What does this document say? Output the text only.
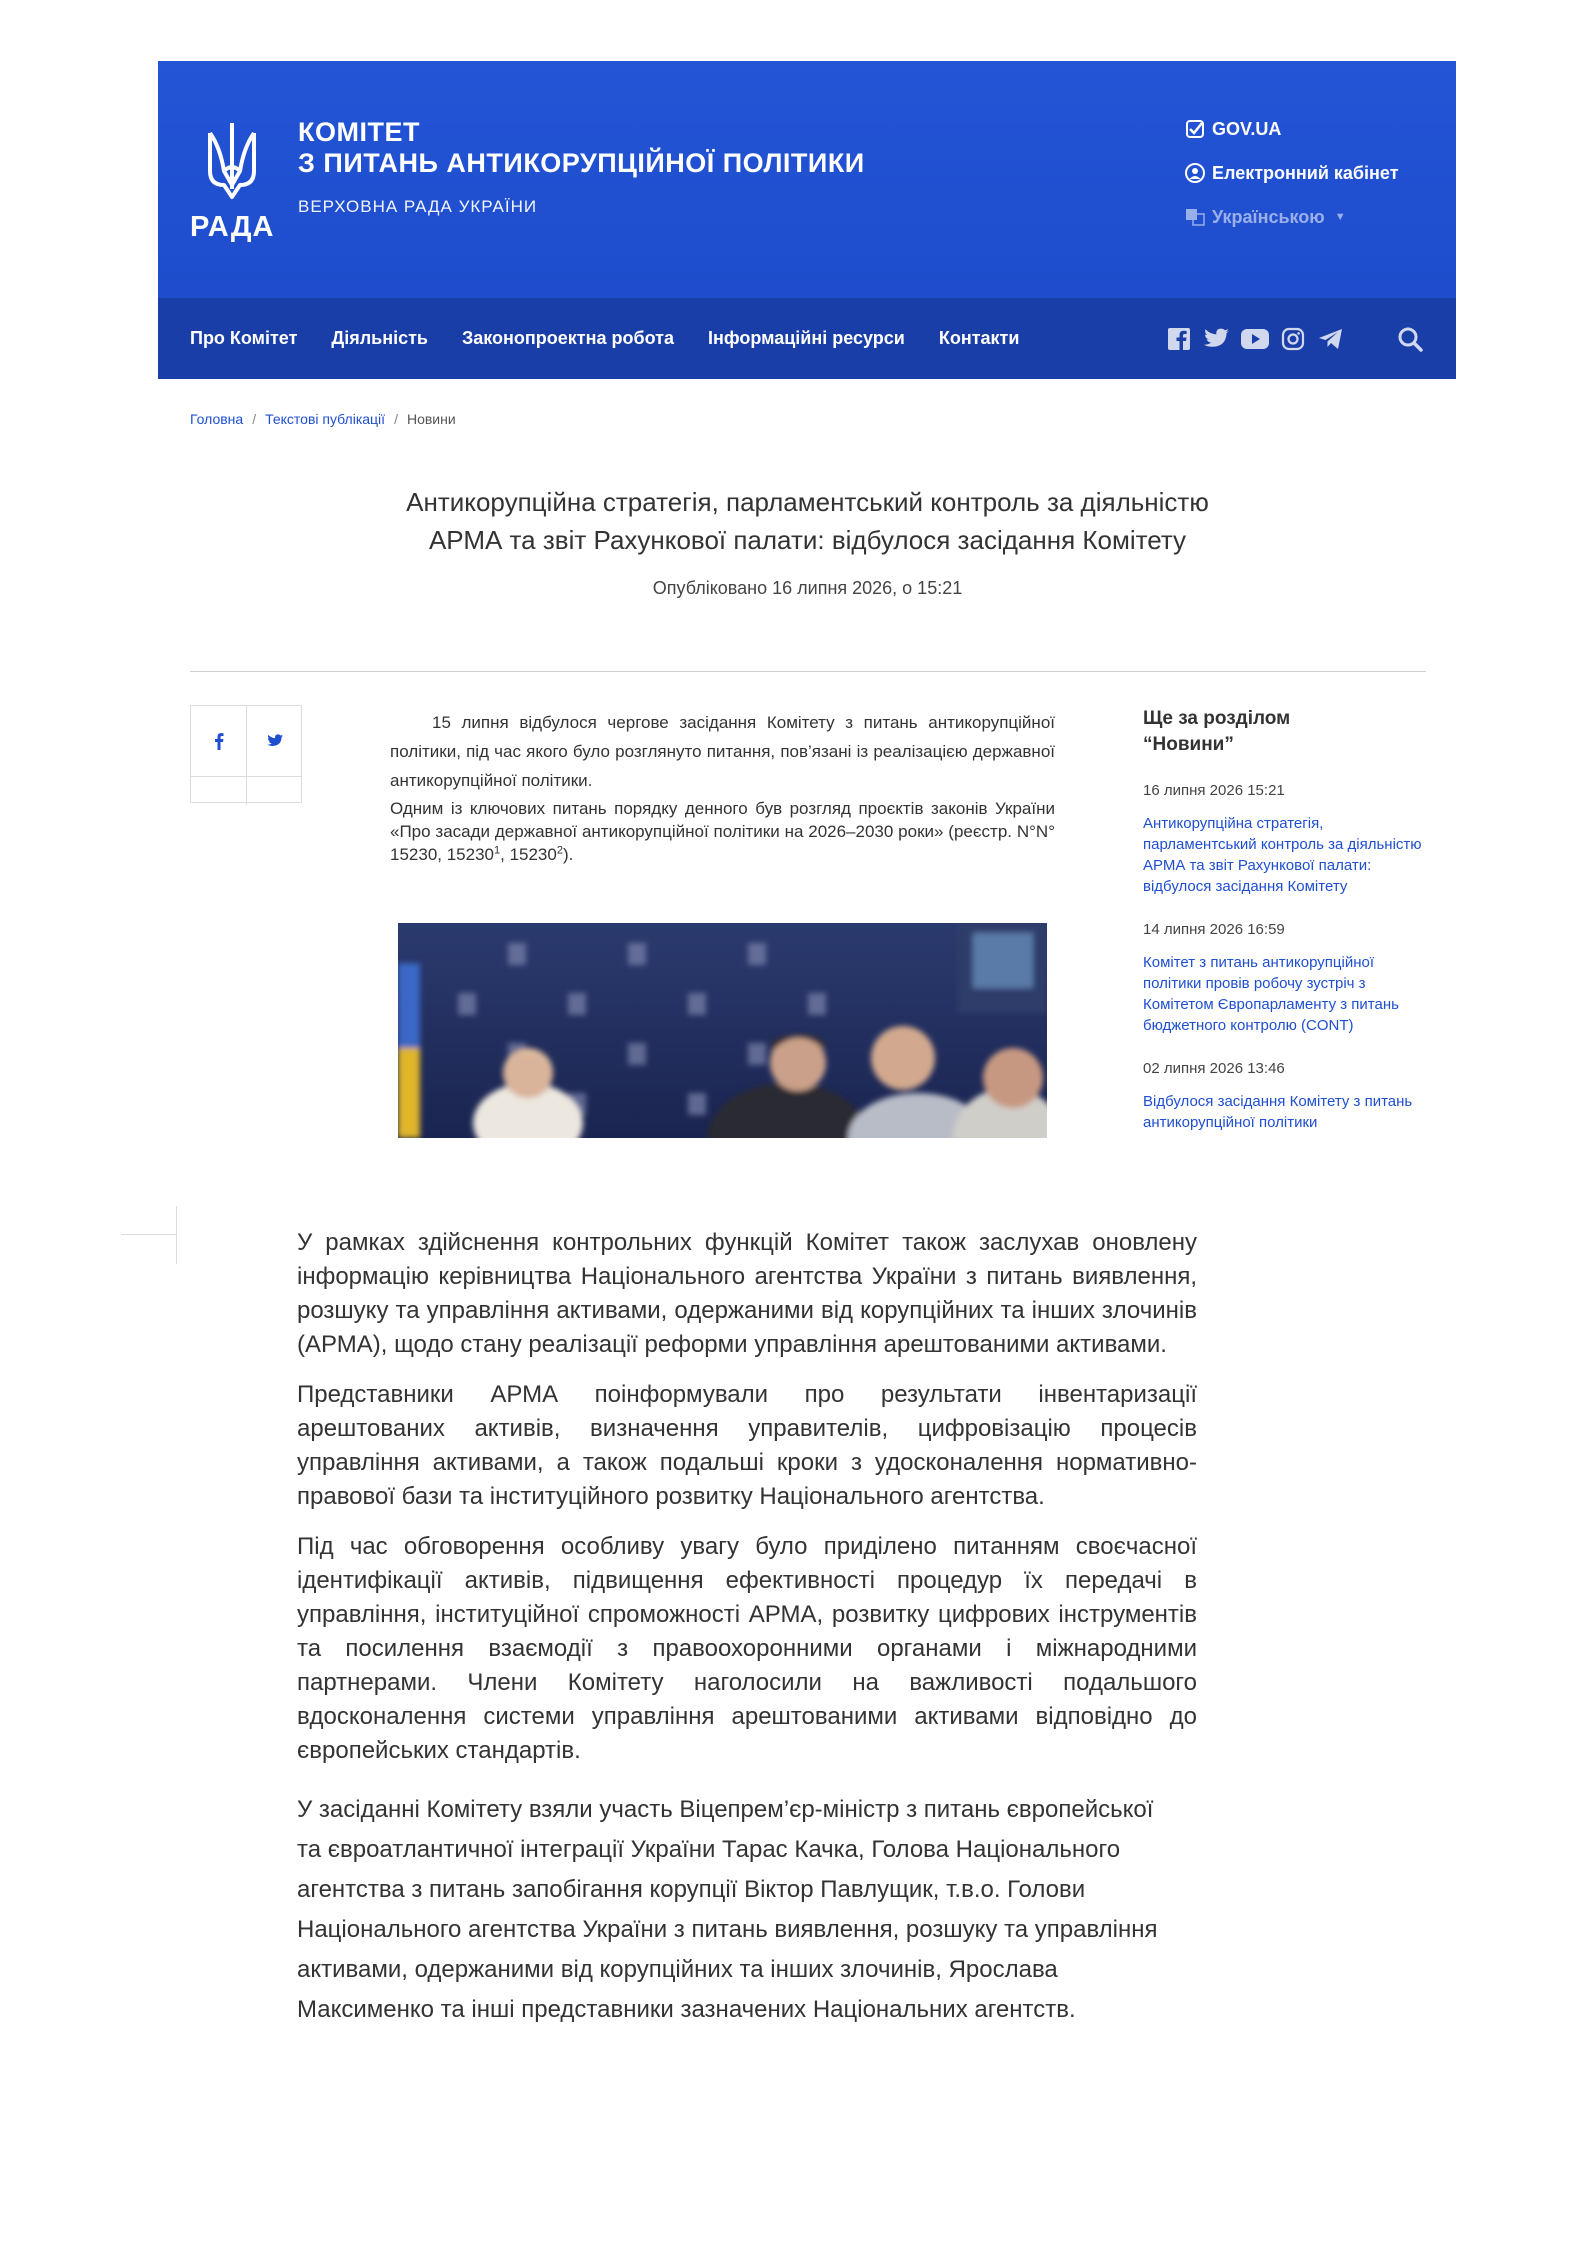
РАДА
КОМІТЕТ
З ПИТАНЬ АНТИКОРУПЦІЙНОЇ ПОЛІТИКИ
ВЕРХОВНА РАДА УКРАЇНИ
GOV.UA
Електронний кабінет
Українською ▼
Про Комітет Діяльність Законопроектна робота Інформаційні ресурси Контакти
Головна / Текстові публікації / Новини
Антикорупційна стратегія, парламентський контроль за діяльністю
АРМА та звіт Рахункової палати: відбулося засідання Комітету
Опубліковано 16 липня 2026, о 15:21

15 липня відбулося чергове засідання Комітету з питань антикорупційної політики, під час якого було розглянуто питання, пов’язані із реалізацією державної антикорупційної політики.

Одним із ключових питань порядку денного був розгляд проєктів законів України «Про засади державної антикорупційної політики на 2026–2030 роки» (реєстр. N°N° 15230, 15230$^1$, 15230$^2$).

Ще за розділом
“Новини”
16 липня 2026 15:21
Антикорупційна стратегія, парламентський контроль за діяльністю АРМА та звіт Рахункової палати: відбулося засідання Комітету
14 липня 2026 16:59
Комітет з питань антикорупційної політики провів робочу зустріч з Комітетом Європарламенту з питань бюджетного контролю (CONT)
02 липня 2026 13:46
Відбулося засідання Комітету з питань антикорупційної політики

У рамках здійснення контрольних функцій Комітет також заслухав оновлену інформацію керівництва Національного агентства України з питань виявлення, розшуку та управління активами, одержаними від корупційних та інших злочинів (АРМА), щодо стану реалізації реформи управління арештованими активами.

Представники АРМА поінформували про результати інвентаризації арештованих активів, визначення управителів, цифровізацію процесів управління активами, а також подальші кроки з удосконалення нормативно-правової бази та інституційного розвитку Національного агентства.

Під час обговорення особливу увагу було приділено питанням своєчасної ідентифікації активів, підвищення ефективності процедур їх передачі в управління, інституційної спроможності АРМА, розвитку цифрових інструментів та посилення взаємодії з правоохоронними органами і міжнародними партнерами. Члени Комітету наголосили на важливості подальшого вдосконалення системи управління арештованими активами відповідно до європейських стандартів.

У засіданні Комітету взяли участь Віцепрем’єр-міністр з питань європейської
та євроатлантичної інтеграції України Тарас Качка, Голова Національного
агентства з питань запобігання корупції Віктор Павлущик, т.в.о. Голови
Національного агентства України з питань виявлення, розшуку та управління
активами, одержаними від корупційних та інших злочинів, Ярослава
Максименко та інші представники зазначених Національних агентств.
